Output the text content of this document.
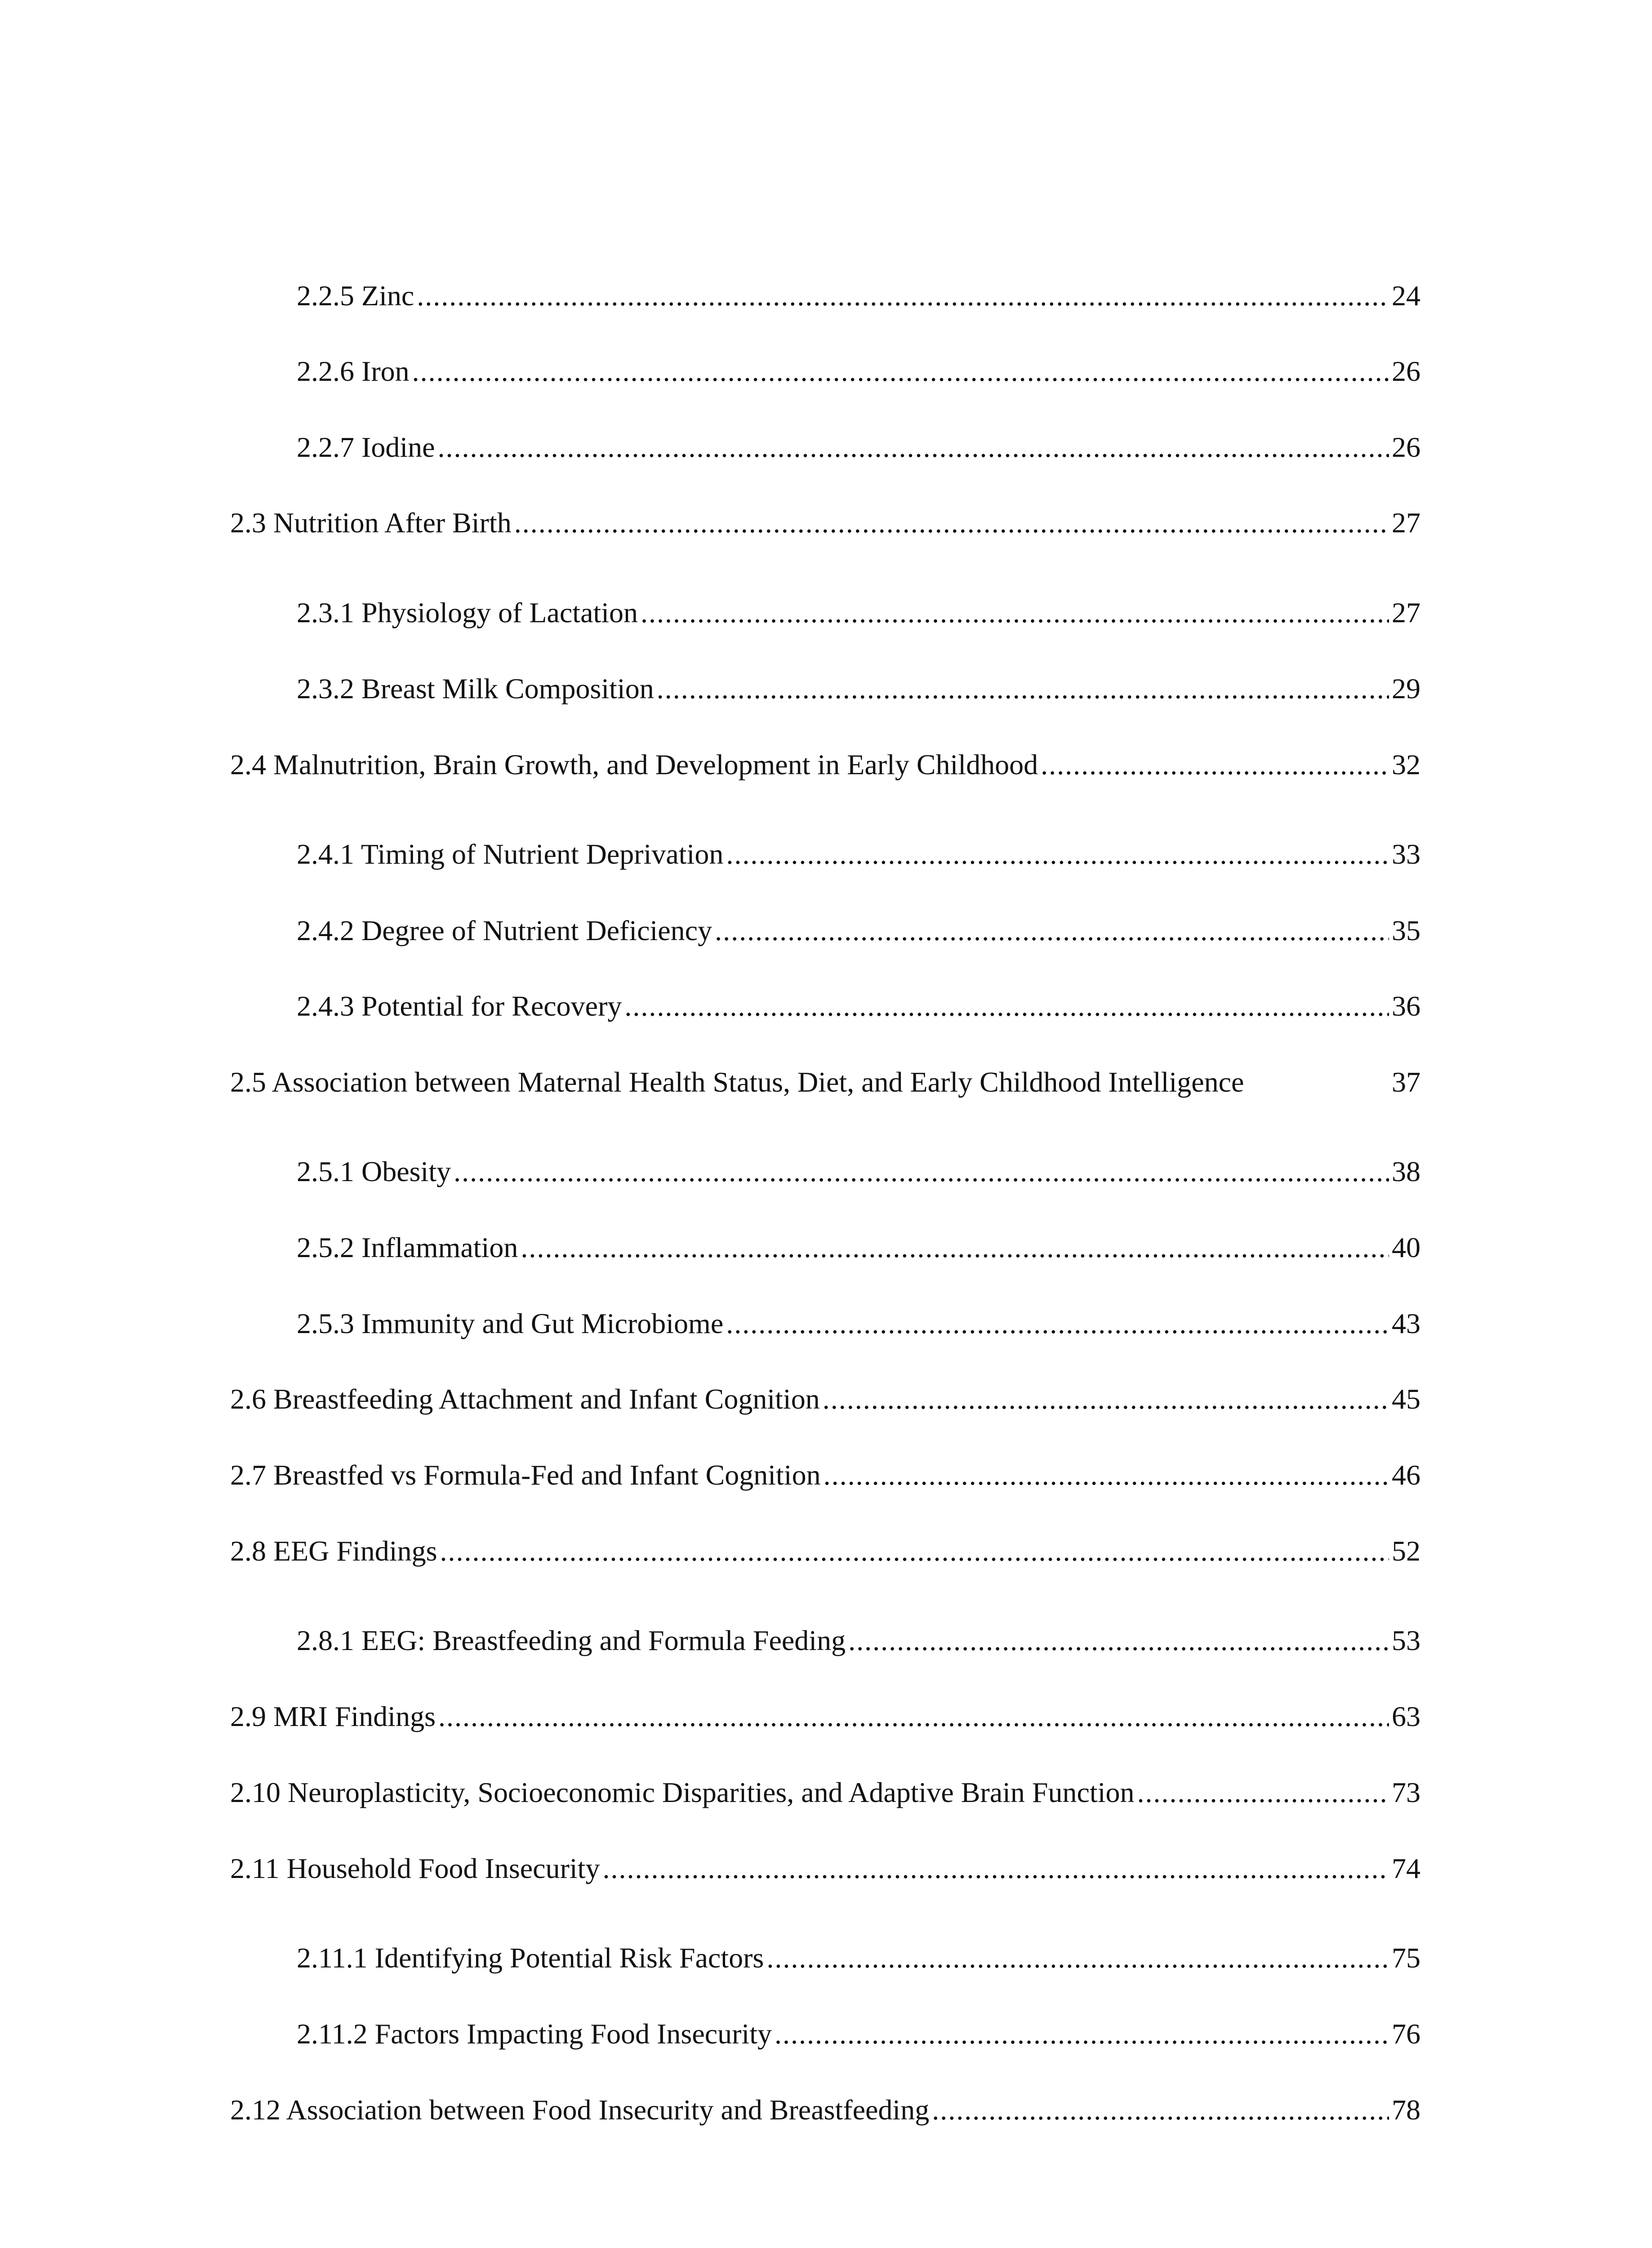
2.2.5 Zinc .....	24
2.2.6 Iron .....	26
2.2.7 Iodine .....	26
2.3 Nutrition After Birth .....	27
2.3.1 Physiology of Lactation .....	27
2.3.2 Breast Milk Composition .....	29
2.4 Malnutrition, Brain Growth, and Development in Early Childhood .....	32
2.4.1 Timing of Nutrient Deprivation .....	33
2.4.2 Degree of Nutrient Deficiency .....	35
2.4.3 Potential for Recovery .....	36
2.5 Association between Maternal Health Status, Diet, and Early Childhood Intelligence	37
2.5.1 Obesity .....	38
2.5.2 Inflammation .....	40
2.5.3 Immunity and Gut Microbiome .....	43
2.6 Breastfeeding Attachment and Infant Cognition .....	45
2.7 Breastfed vs Formula-Fed and Infant Cognition .....	46
2.8 EEG Findings .....	52
2.8.1 EEG: Breastfeeding and Formula Feeding .....	53
2.9 MRI Findings .....	63
2.10 Neuroplasticity, Socioeconomic Disparities, and Adaptive Brain Function .....	73
2.11 Household Food Insecurity .....	74
2.11.1 Identifying Potential Risk Factors .....	75
2.11.2 Factors Impacting Food Insecurity .....	76
2.12 Association between Food Insecurity and Breastfeeding .....	78
